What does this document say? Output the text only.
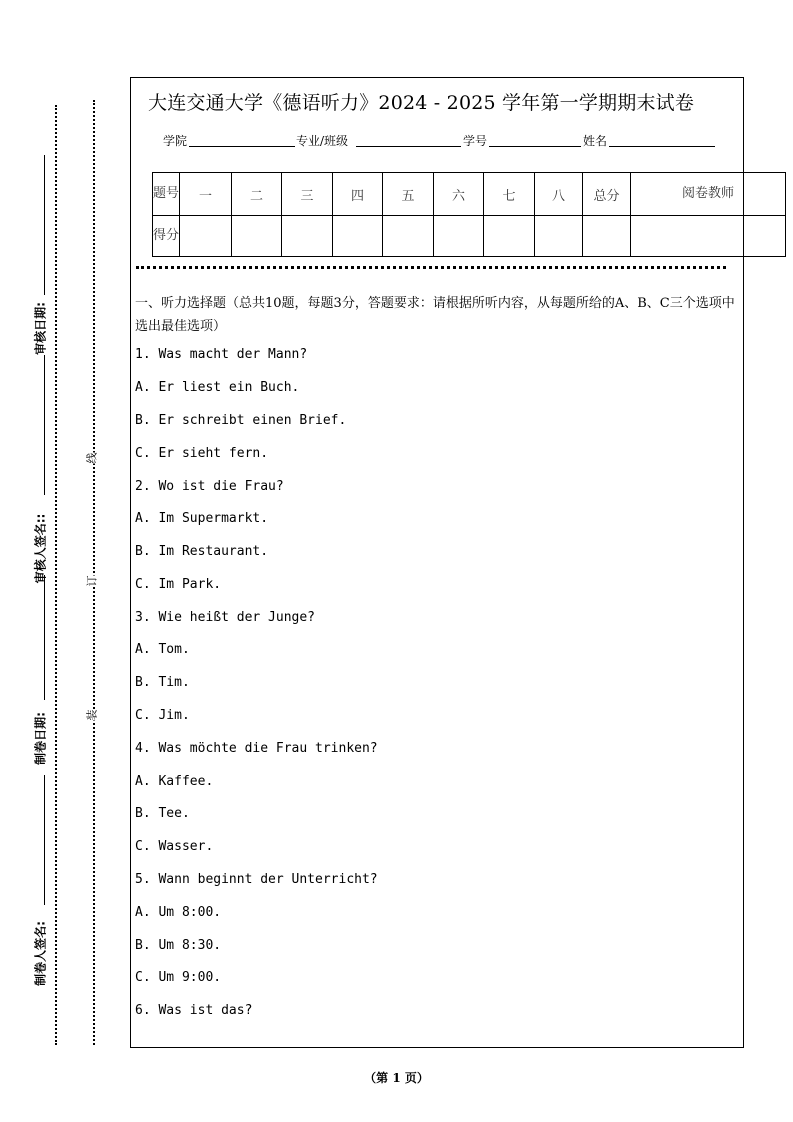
审核日期:
审核人签名::
制卷日期:
制卷人签名:
线
订
装
大连交通大学《德语听力》2024 - 2025 学年第一学期期末试卷
学院	专业/班级	学号	姓名
题号	一	二	三	四	五	六	七	八	总分	阅卷教师
得分										
一、听力选择题（总共10题，每题3分，答题要求：请根据所听内容，从每题所给的A、B、C三个选项中选出最佳选项）
1. Was macht der Mann?
A. Er liest ein Buch.
B. Er schreibt einen Brief.
C. Er sieht fern.
2. Wo ist die Frau?
A. Im Supermarkt.
B. Im Restaurant.
C. Im Park.
3. Wie heißt der Junge?
A. Tom.
B. Tim.
C. Jim.
4. Was möchte die Frau trinken?
A. Kaffee.
B. Tee.
C. Wasser.
5. Wann beginnt der Unterricht?
A. Um 8:00.
B. Um 8:30.
C. Um 9:00.
6. Was ist das?
（第 1 页）
